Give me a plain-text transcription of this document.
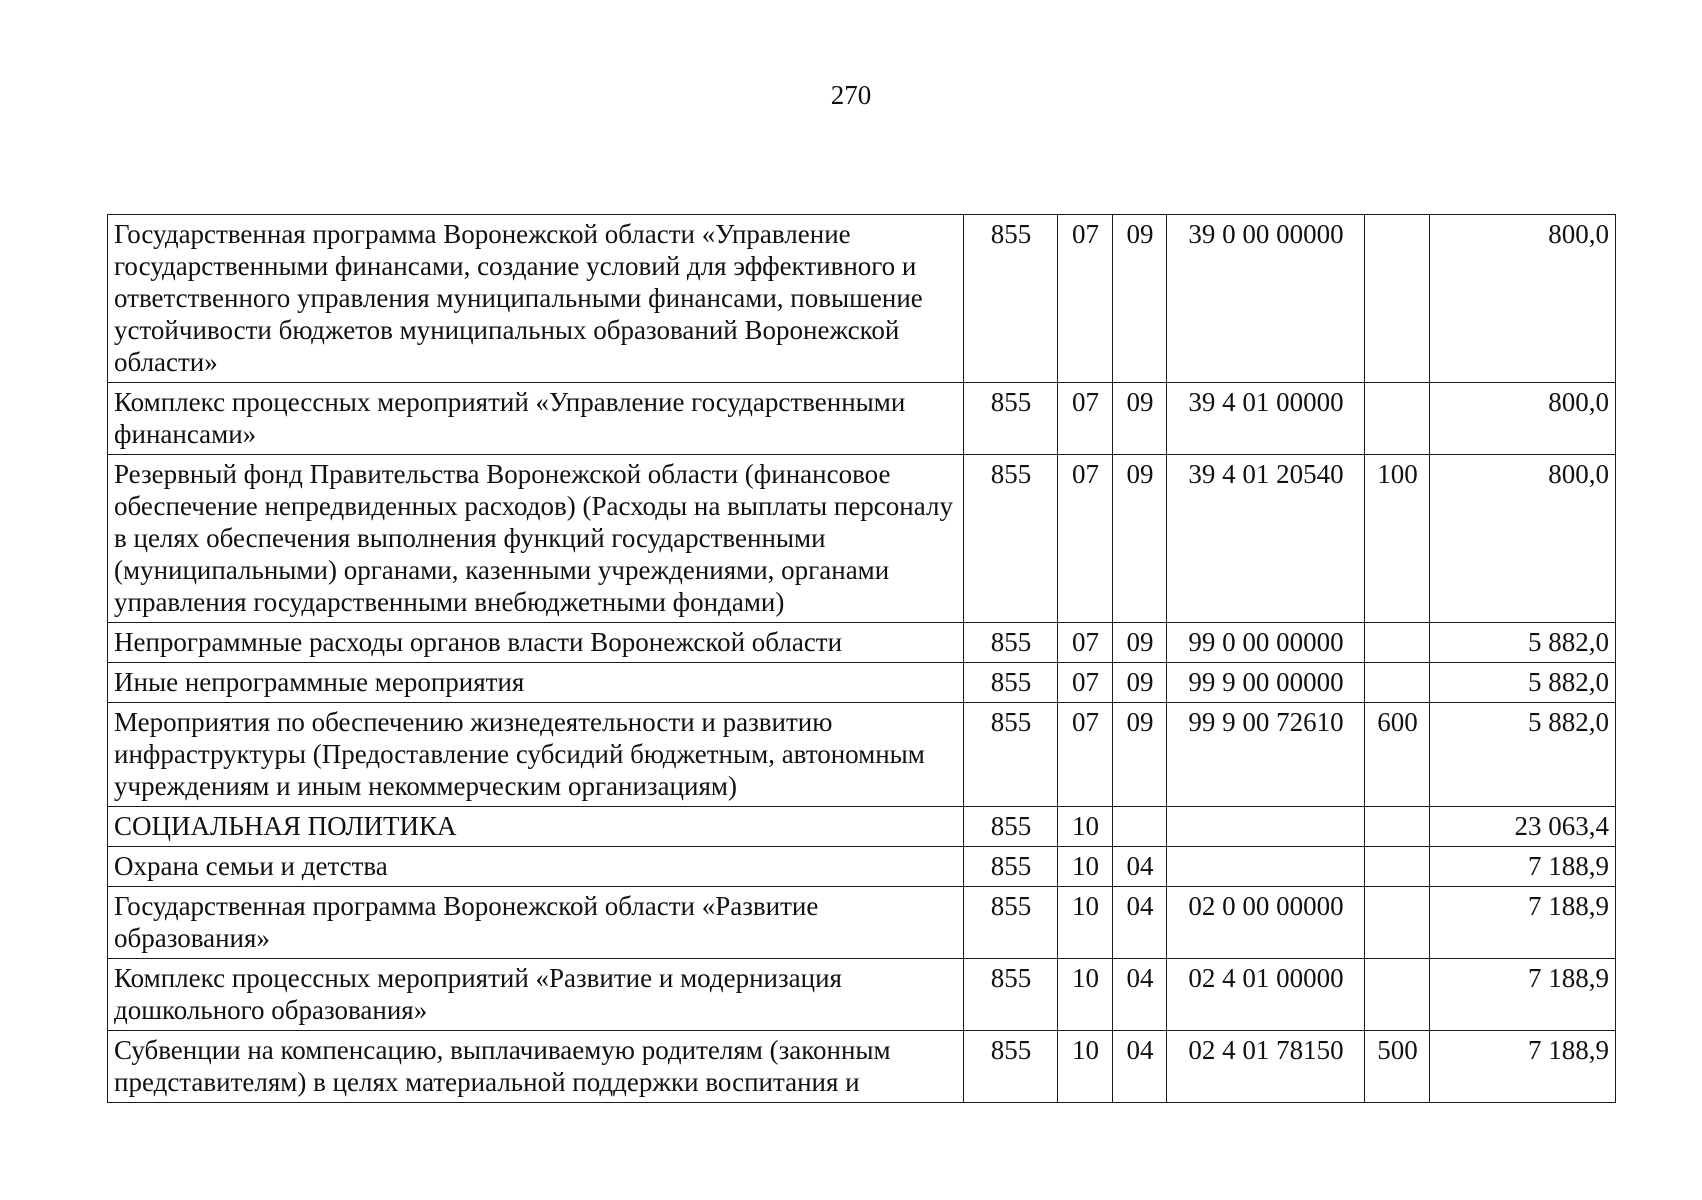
270
Государственная программа Воронежской области «Управление государственными финансами, создание условий для эффективного и ответственного управления муниципальными финансами, повышение устойчивости бюджетов муниципальных образований Воронежской области»	855	07	09	39 0 00 00000		800,0
Комплекс процессных мероприятий «Управление государственными финансами»	855	07	09	39 4 01 00000		800,0
Резервный фонд Правительства Воронежской области (финансовое обеспечение непредвиденных расходов) (Расходы на выплаты персоналу в целях обеспечения выполнения функций государственными (муниципальными) органами, казенными учреждениями, органами управления государственными внебюджетными фондами)	855	07	09	39 4 01 20540	100	800,0
Непрограммные расходы органов власти Воронежской области	855	07	09	99 0 00 00000		5 882,0
Иные непрограммные мероприятия	855	07	09	99 9 00 00000		5 882,0
Мероприятия по обеспечению жизнедеятельности и развитию инфраструктуры (Предоставление субсидий бюджетным, автономным учреждениям и иным некоммерческим организациям)	855	07	09	99 9 00 72610	600	5 882,0
СОЦИАЛЬНАЯ ПОЛИТИКА	855	10				23 063,4
Охрана семьи и детства	855	10	04			7 188,9
Государственная программа Воронежской области «Развитие образования»	855	10	04	02 0 00 00000		7 188,9
Комплекс процессных мероприятий «Развитие и модернизация дошкольного образования»	855	10	04	02 4 01 00000		7 188,9
Субвенции на компенсацию, выплачиваемую родителям (законным представителям) в целях материальной поддержки воспитания и	855	10	04	02 4 01 78150	500	7 188,9
